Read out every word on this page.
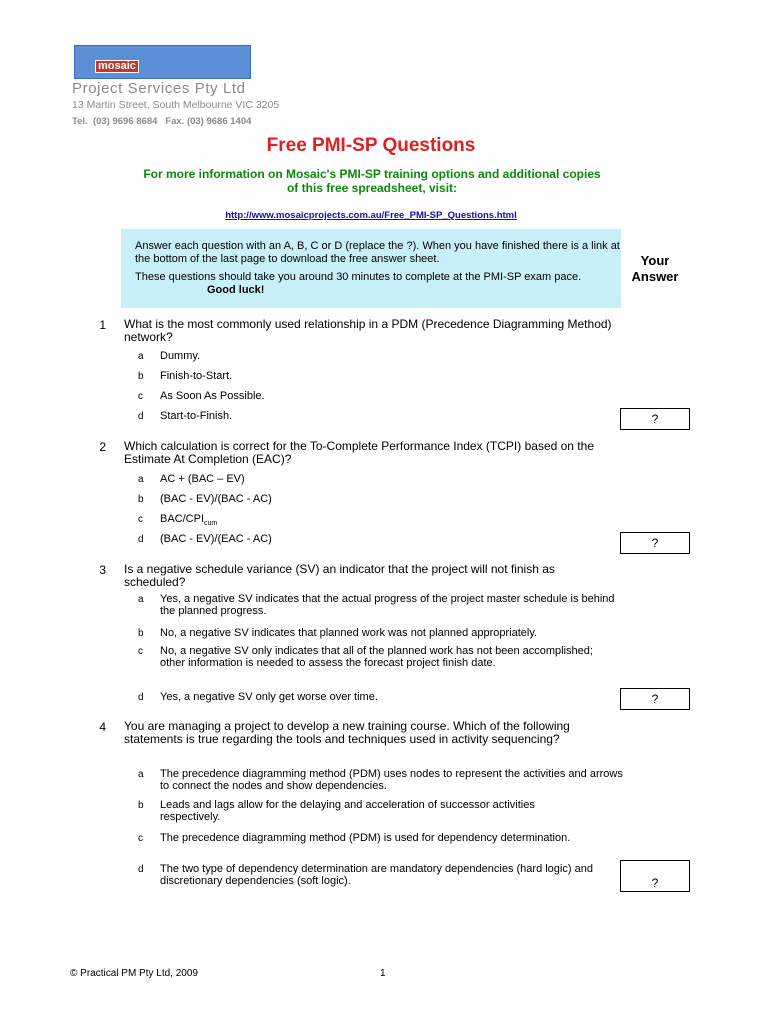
mosaic
Project Services Pty Ltd
13 Martin Street, South Melbourne VIC 3205
Tel.  (03) 9696 8684   Fax. (03) 9686 1404
Free PMI-SP Questions
For more information on Mosaic's PMI-SP training options and additional copies
of this free spreadsheet, visit:
http://www.mosaicprojects.com.au/Free_PMI-SP_Questions.html

Answer each question with an A, B, C or D (replace the ?). When you have finished there is a link at the bottom of the last page to download the free answer sheet.

These questions should take you around 30 minutes to complete at the PMI-SP exam pace.

Good luck!

Your
Answer
1 What is the most commonly used relationship in a PDM (Precedence Diagramming Method) network?
a Dummy.
b Finish-to-Start.
c As Soon As Possible.
d Start-to-Finish.	?
2 Which calculation is correct for the To-Complete Performance Index (TCPI) based on the Estimate At Completion (EAC)?
a AC + (BAC – EV)
b (BAC - EV)/(BAC - AC)
c BAC/$CPI_{cum}$
d (BAC - EV)/(EAC - AC)	?
3 Is a negative schedule variance (SV) an indicator that the project will not finish as scheduled?
a Yes, a negative SV indicates that the actual progress of the project master schedule is behind the planned progress.
b No, a negative SV indicates that planned work was not planned appropriately.
c No, a negative SV only indicates that all of the planned work has not been accomplished; other information is needed to assess the forecast project finish date.
d Yes, a negative SV only get worse over time.	?
4 You are managing a project to develop a new training course. Which of the following statements is true regarding the tools and techniques used in activity sequencing?
a The precedence diagramming method (PDM) uses nodes to represent the activities and arrows to connect the nodes and show dependencies.
b Leads and lags allow for the delaying and acceleration of successor activities respectively.
c The precedence diagramming method (PDM) is used for dependency determination.
d The two type of dependency determination are mandatory dependencies (hard logic) and discretionary dependencies (soft logic).	?
© Practical PM Pty Ltd, 2009	1
